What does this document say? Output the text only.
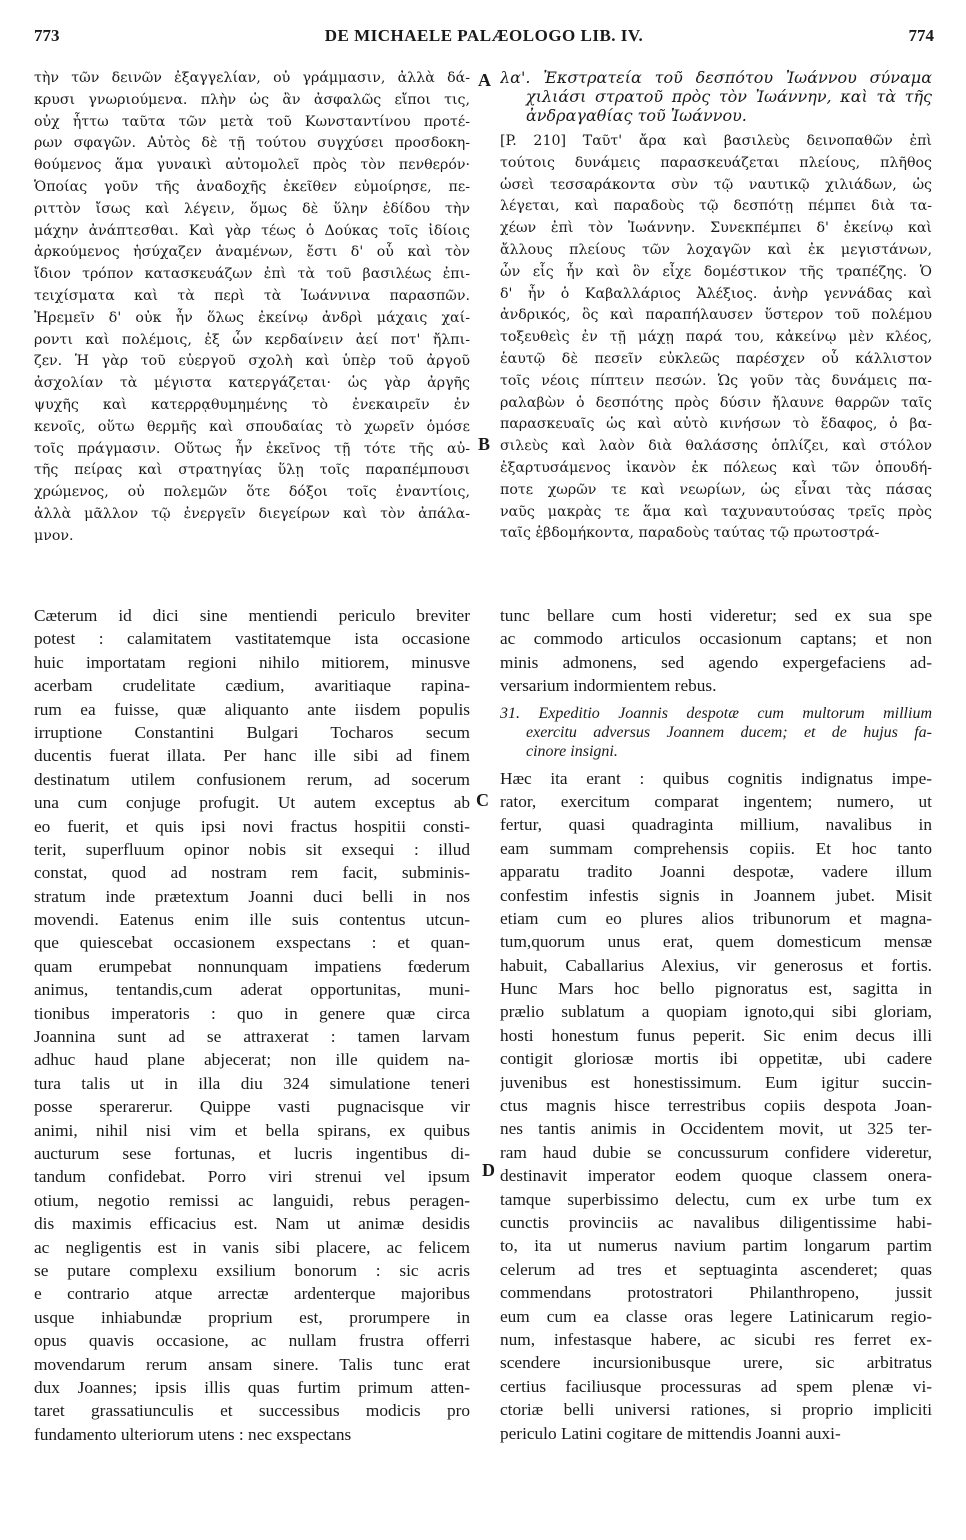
773	DE MICHAELE PALÆOLOGO LIB. IV.	774
A
B
C
D
τὴν τῶν δεινῶν ἐξαγγελίαν, οὐ γράμμασιν, ἀλλὰ δά-
κρυσι γνωριούμενα. πλὴν ὡς ἂν ἀσφαλῶς εἴποι τις,
οὐχ ἧττω ταῦτα τῶν μετὰ τοῦ Κωνσταντίνου προτέ-
ρων σφαγῶν. Αὐτὸς δὲ τῇ τούτου συγχύσει προσδοκη-
θούμενος ἅμα γυναικὶ αὐτομολεῖ πρὸς τὸν πενθερόν·
Ὁποίας γοῦν τῆς ἀναδοχῆς ἐκεῖθεν εὐμοίρησε, πε-
ριττὸν ἴσως καὶ λέγειν, ὅμως δὲ ὕλην ἐδίδου τὴν
μάχην ἀνάπτεσθαι. Καὶ γὰρ τέως ὁ Δούκας τοῖς ἰδίοις
ἀρκούμενος ἡσύχαζεν ἀναμένων, ἔστι δ' οὗ καὶ τὸν
ἴδιον τρόπον κατασκευάζων ἐπὶ τὰ τοῦ βασιλέως ἐπι-
τειχίσματα καὶ τὰ περὶ τὰ Ἰωάννινα παρασπῶν.
Ἠρεμεῖν δ' οὐκ ἦν ὅλως ἐκείνῳ ἀνδρὶ μάχαις χαί-
ροντι καὶ πολέμοις, ἐξ ὧν κερδαίνειν ἀεί ποτ' ἤλπι-
ζεν. Ἡ γὰρ τοῦ εὐεργοῦ σχολὴ καὶ ὑπὲρ τοῦ ἀργοῦ
ἀσχολίαν τὰ μέγιστα κατεργάζεται· ὡς γὰρ ἀργῆς
ψυχῆς καὶ κατερρᾳθυμημένης τὸ ἐνεκαιρεῖν ἐν
κενοῖς, οὕτω θερμῆς καὶ σπουδαίας τὸ χωρεῖν ὁμόσε
τοῖς πράγμασιν. Οὕτως ἦν ἐκεῖνος τῇ τότε τῆς αὐ-
τῆς πείρας καὶ στρατηγίας ὕλῃ τοῖς παραπέμπουσι
χρώμενος, οὐ πολεμῶν ὅτε δόξοι τοῖς ἐναντίοις,
ἀλλὰ μᾶλλον τῷ ἐνεργεῖν διεγείρων καὶ τὸν ἀπάλα-
μνον.
λα'. Ἐκστρατεία τοῦ δεσπότου Ἰωάννου σύναμα
χιλιάσι στρατοῦ πρὸς τὸν Ἰωάννην, καὶ τὰ τῆς
ἀνδραγαθίας τοῦ Ἰωάννου.
[P. 210] Ταῦτ' ἄρα καὶ βασιλεὺς δεινοπαθῶν ἐπὶ
τούτοις δυνάμεις παρασκευάζεται πλείους, πλῆθος
ὡσεὶ τεσσαράκοντα σὺν τῷ ναυτικῷ χιλιάδων, ὡς
λέγεται, καὶ παραδοὺς τῷ δεσπότῃ πέμπει διὰ τα-
χέων ἐπὶ τὸν Ἰωάννην. Συνεκπέμπει δ' ἐκείνῳ καὶ
ἄλλους πλείους τῶν λοχαγῶν καὶ ἐκ μεγιστάνων,
ὧν εἷς ἦν καὶ ὃν εἶχε δομέστικον τῆς τραπέζης. Ὁ
δ' ἦν ὁ Καβαλλάριος Ἀλέξιος. ἀνὴρ γεννάδας καὶ
ἀνδρικός, ὃς καὶ παραπήλαυσεν ὕστερον τοῦ πολέμου
τοξευθεὶς ἐν τῇ μάχῃ παρά του, κἀκείνῳ μὲν κλέος,
ἑαυτῷ δὲ πεσεῖν εὐκλεῶς παρέσχεν οὗ κάλλιστον
τοῖς νέοις πίπτειν πεσών. Ὡς γοῦν τὰς δυνάμεις πα-
ραλαβὼν ὁ δεσπότης πρὸς δύσιν ἤλαυνε θαρρῶν ταῖς
παρασκευαῖς ὡς καὶ αὐτὸ κινήσων τὸ ἔδαφος, ὁ βα-
σιλεὺς καὶ λαὸν διὰ θαλάσσης ὁπλίζει, καὶ στόλον
ἐξαρτυσάμενος ἱκανὸν ἐκ πόλεως καὶ τῶν ὁπουδή-
ποτε χωρῶν τε καὶ νεωρίων, ὡς εἶναι τὰς πάσας
ναῦς μακρὰς τε ἅμα καὶ ταχυναυτούσας τρεῖς πρὸς
ταῖς ἑβδομήκοντα, παραδοὺς ταύτας τῷ πρωτοστρά-
Cæterum id dici sine mentiendi periculo breviter
potest : calamitatem vastitatemque ista occasione
huic importatam regioni nihilo mitiorem, minusve
acerbam crudelitate cædium, avaritiaque rapina-
rum ea fuisse, quæ aliquanto ante iisdem populis
irruptione Constantini Bulgari Tocharos secum
ducentis fuerat illata. Per hanc ille sibi ad finem
destinatum utilem confusionem rerum, ad socerum
una cum conjuge profugit. Ut autem exceptus ab
eo fuerit, et quis ipsi novi fractus hospitii consti-
terit, superfluum opinor nobis sit exsequi : illud
constat, quod ad nostram rem facit, subminis-
stratum inde prætextum Joanni duci belli in nos
movendi. Eatenus enim ille suis contentus utcun-
que quiescebat occasionem exspectans : et quan-
quam erumpebat nonnunquam impatiens fœderum
animus, tentandis,cum aderat opportunitas, muni-
tionibus imperatoris : quo in genere quæ circa
Joannina sunt ad se attraxerat : tamen larvam
adhuc haud plane abjecerat; non ille quidem na-
tura talis ut in illa diu 324 simulatione teneri
posse sperarerur. Quippe vasti pugnacisque vir
animi, nihil nisi vim et bella spirans, ex quibus
aucturum sese fortunas, et lucris ingentibus di-
tandum confidebat. Porro viri strenui vel ipsum
otium, negotio remissi ac languidi, rebus peragen-
dis maximis efficacius est. Nam ut animæ desidis
ac negligentis est in vanis sibi placere, ac felicem
se putare complexu exsilium bonorum : sic acris
e contrario atque arrectæ ardenterque majoribus
usque inhiabundæ proprium est, prorumpere in
opus quavis occasione, ac nullam frustra offerri
movendarum rerum ansam sinere. Talis tunc erat
dux Joannes; ipsis illis quas furtim primum atten-
taret grassatiunculis et successibus modicis pro
fundamento ulteriorum utens : nec exspectans
tunc bellare cum hosti videretur; sed ex sua spe
ac commodo articulos occasionum captans; et non
minis admonens, sed agendo expergefaciens ad-
versarium indormientem rebus.
31. Expeditio Joannis despotæ cum multorum millium
exercitu adversus Joannem ducem; et de hujus fa-
cinore insigni.
Hæc ita erant : quibus cognitis indignatus impe-
rator, exercitum comparat ingentem; numero, ut
fertur, quasi quadraginta millium, navalibus in
eam summam comprehensis copiis. Et hoc tanto
apparatu tradito Joanni despotæ, vadere illum
confestim infestis signis in Joannem jubet. Misit
etiam cum eo plures alios tribunorum et magna-
tum,quorum unus erat, quem domesticum mensæ
habuit, Caballarius Alexius, vir generosus et fortis.
Hunc Mars hoc bello pignoratus est, sagitta in
prælio sublatum a quopiam ignoto,qui sibi gloriam,
hosti honestum funus peperit. Sic enim decus illi
contigit gloriosæ mortis ibi oppetitæ, ubi cadere
juvenibus est honestissimum. Eum igitur succin-
ctus magnis hisce terrestribus copiis despota Joan-
nes tantis animis in Occidentem movit, ut 325 ter-
ram haud dubie se concussurum confidere videretur,
destinavit imperator eodem quoque classem onera-
tamque superbissimo delectu, cum ex urbe tum ex
cunctis provinciis ac navalibus diligentissime habi-
to, ita ut numerus navium partim longarum partim
celerum ad tres et septuaginta ascenderet; quas
commendans protostratori Philanthropeno, jussit
eum cum ea classe oras legere Latinicarum regio-
num, infestasque habere, ac sicubi res ferret ex-
scendere incursionibusque urere, sic arbitratus
certius faciliusque processuras ad spem plenæ vi-
ctoriæ belli universi rationes, si proprio impliciti
periculo Latini cogitare de mittendis Joanni auxi-
